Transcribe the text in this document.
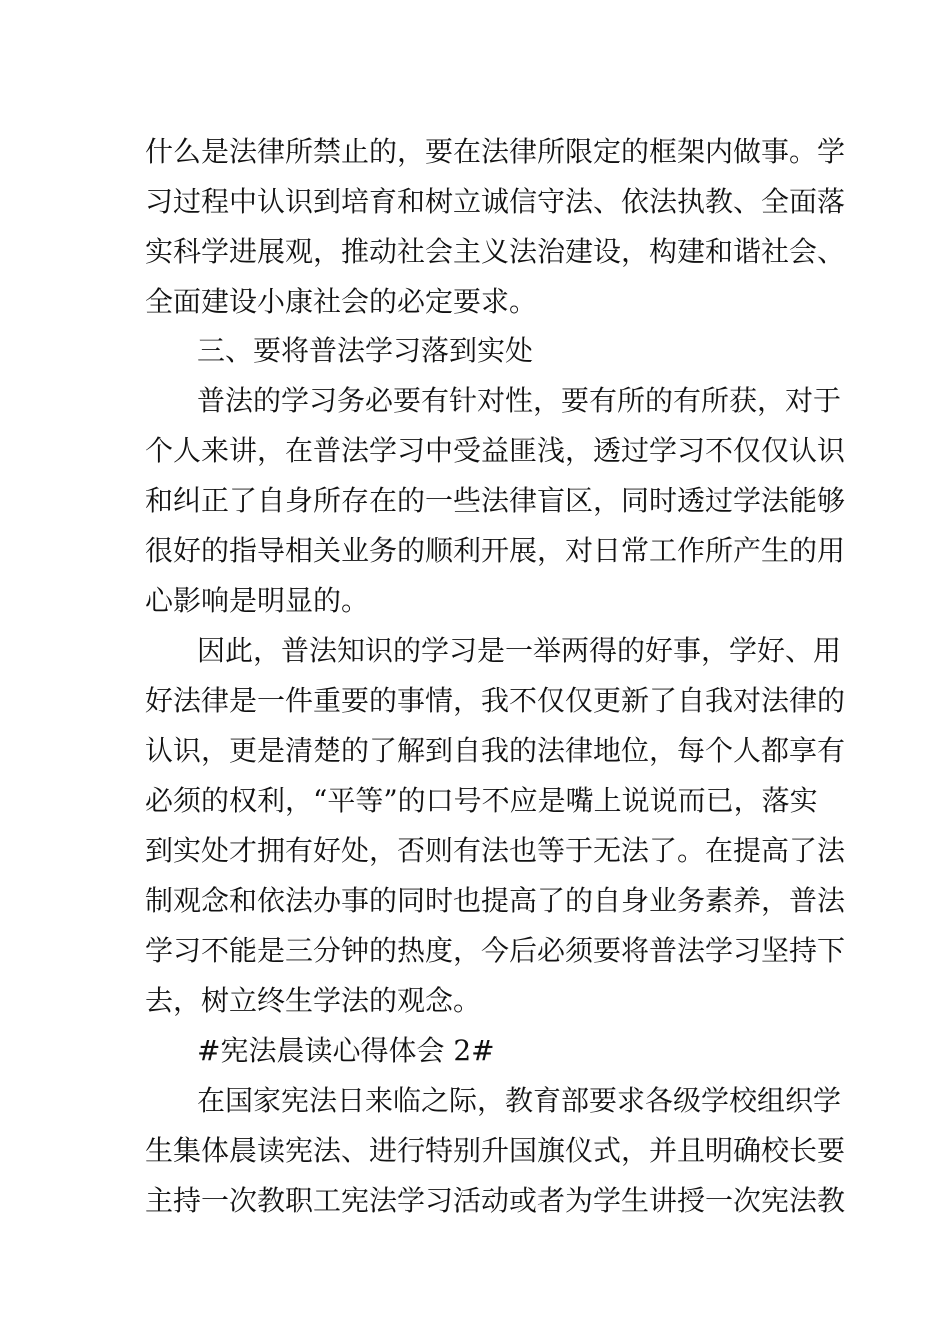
什么是法律所禁止的，要在法律所限定的框架内做事。学
习过程中认识到培育和树立诚信守法、依法执教、全面落
实科学进展观，推动社会主义法治建设，构建和谐社会、
全面建设小康社会的必定要求。
三、要将普法学习落到实处
普法的学习务必要有针对性，要有所的有所获，对于
个人来讲，在普法学习中受益匪浅，透过学习不仅仅认识
和纠正了自身所存在的一些法律盲区，同时透过学法能够
很好的指导相关业务的顺利开展，对日常工作所产生的用
心影响是明显的。
因此，普法知识的学习是一举两得的好事，学好、用
好法律是一件重要的事情，我不仅仅更新了自我对法律的
认识，更是清楚的了解到自我的法律地位，每个人都享有
必须的权利，“平等”的口号不应是嘴上说说而已，落实
到实处才拥有好处，否则有法也等于无法了。在提高了法
制观念和依法办事的同时也提高了的自身业务素养，普法
学习不能是三分钟的热度，今后必须要将普法学习坚持下
去，树立终生学法的观念。
#宪法晨读心得体会 2#
在国家宪法日来临之际，教育部要求各级学校组织学
生集体晨读宪法、进行特别升国旗仪式，并且明确校长要
主持一次教职工宪法学习活动或者为学生讲授一次宪法教
